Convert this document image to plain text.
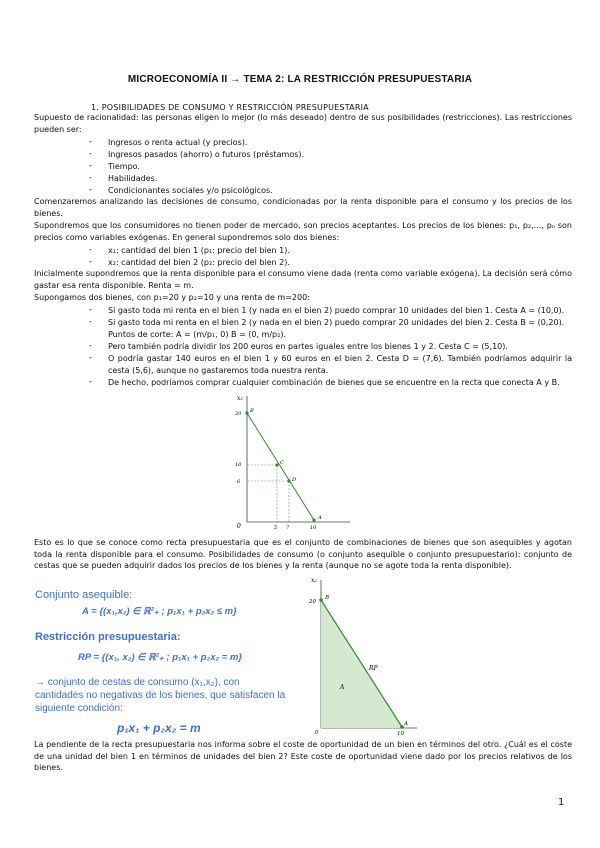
MICROECONOMÍA II → TEMA 2: LA RESTRICCIÓN PRESUPUESTARIA
1. POSIBILIDADES DE CONSUMO Y RESTRICCIÓN PRESUPUESTARIA
Supuesto de racionalidad: las personas eligen lo mejor (lo más deseado) dentro de sus posibilidades (restricciones). Las restricciones pueden ser:
- Ingresos o renta actual (y precios).
- Ingresos pasados (ahorro) o futuros (préstamos).
- Tiempo.
- Habilidades.
- Condicionantes sociales y/o psicológicos.
Comenzaremos analizando las decisiones de consumo, condicionadas por la renta disponible para el consumo y los precios de los bienes.
Supondremos que los consumidores no tienen poder de mercado, son precios aceptantes. Los precios de los bienes: p₁, p₂,..., pₙ son precios como variables exógenas. En general supondremos solo dos bienes:
- x₁: cantidad del bien 1 (p₁: precio del bien 1).
- x₂: cantidad del bien 2 (p₂: precio del bien 2).
Inicialmente supondremos que la renta disponible para el consumo viene dada (renta como variable exógena). La decisión será cómo gastar esa renta disponible. Renta = m.
Supongamos dos bienes, con p₁=20 y p₂=10 y una renta de m=200:
- Si gasto toda mi renta en el bien 1 (y nada en el bien 2) puedo comprar 10 unidades del bien 1. Cesta A = (10,0).
- Si gasto toda mi renta en el bien 2 (y nada en el bien 2) puedo comprar 20 unidades del bien 2. Cesta B = (0,20).
Puntos de corte: A = (m/p₁, 0) B = (0, m/p₂).
- Pero también podría dividir los 200 euros en partes iguales entre los bienes 1 y 2. Cesta C = (5,10).
- O podría gastar 140 euros en el bien 1 y 60 euros en el bien 2. Cesta D = (7,6). También podríamos adquirir la cesta (5,6), aunque no gastaremos toda nuestra renta.
- De hecho, podríamos comprar cualquier combinación de bienes que se encuentre en la recta que conecta A y B.
x₂
0
20
10
6
5 7	10
B
C
D
A
Esto es lo que se conoce como recta presupuestaria que es el conjunto de combinaciones de bienes que son asequibles y agotan toda la renta disponible para el consumo. Posibilidades de consumo (o conjunto asequible o conjunto presupuestario): conjunto de cestas que se pueden adquirir dados los precios de los bienes y la renta (aunque no se agote toda la renta disponible).
Conjunto asequible:
A = {(x₁,x₂) ∈ ℝ²₊ ; p₁x₁ + p₂x₂ ≤ m}
Restricción presupuestaria:
RP = {(x₁, x₂) ∈ ℝ²₊ ; p₁x₁ + p₂x₂ = m}
→ conjunto de cestas de consumo (x₁,x₂), con cantidades no negativas de los bienes, que satisfacen la siguiente condición:
p₁x₁ + p₂x₂ = m
x₂
20
B
0	10
A
RP
A
La pendiente de la recta presupuestaria nos informa sobre el coste de oportunidad de un bien en términos del otro. ¿Cuál es el coste de una unidad del bien 1 en términos de unidades del bien 2? Este coste de oportunidad viene dado por los precios relativos de los bienes.
1
